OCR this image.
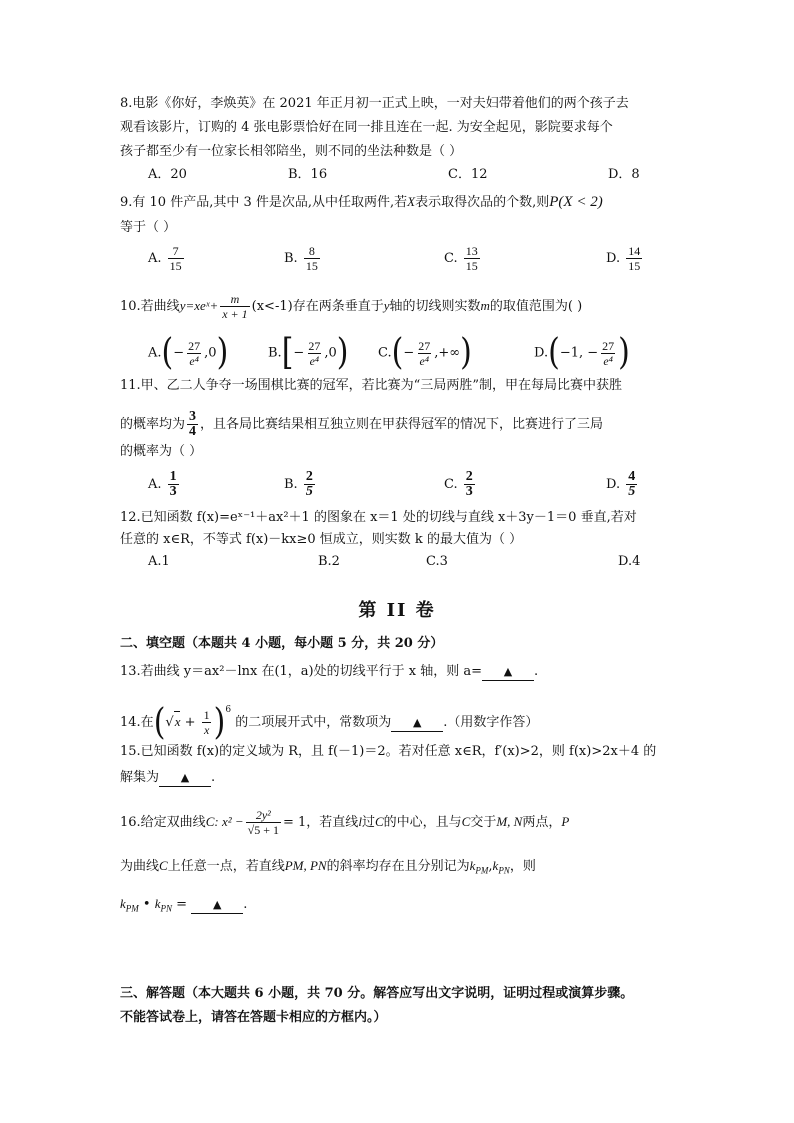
8.电影《你好，李焕英》在 2021 年正月初一正式上映，一对夫妇带着他们的两个孩子去
观看该影片，订购的 4 张电影票恰好在同一排且连在一起. 为安全起见，影院要求每个
孩子都至少有一位家长相邻陪坐，则不同的坐法种数是（ ）
A．20	B．16	C．12	D．8
9.有 10 件产品,其中 3 件是次品,从中任取两件,若X表示取得次品的个数,则P(X < 2)
等于（ ）
A. $\frac{7}{15}$	B. $\frac{8}{15}$	C. $\frac{13}{15}$	D. $\frac{14}{15}$
10.若曲线y=xeˣ+ $\frac{m}{x + 1} (x<-1)$存在两条垂直于y轴的切线则实数m的取值范围为( )
$A.(- \frac{27}{\text{e⁴}} ,0)$	$B.[- \frac{27}{\text{e⁴}} ,0)$ $C.(- \frac{27}{\text{e⁴}}$ ,+∞)	D.(−1, − $\frac{27}{\text{e⁴}}$ )
11.甲、乙二人争夺一场围棋比赛的冠军，若比赛为“三局两胜”制，甲在每局比赛中获胜
的概率均为 $\frac{3}{4}$ ，且各局比赛结果相互独立则在甲获得冠军的情况下，比赛进行了三局
的概率为（ ）
A. $\frac{1}{3}$	B. $\frac{2}{5}$	C. $\frac{2}{3}$	D. $\frac{4}{5}$
12.已知函数 f(x)=eˣ⁻¹＋ax²＋1 的图象在 x＝1 处的切线与直线 x＋3y－1＝0 垂直,若对
任意的 x∈R，不等式 f(x)－kx≥0 恒成立，则实数 k 的最大值为（ ）
A.1	B.2	C.3	D.4
第 II 卷
二、填空题（本题共 4 小题，每小题 5 分，共 20 分）
13.若曲线 y＝ax²－lnx 在(1，a)处的切线平行于 x 轴，则 a= ▲ .
14.在$(√x + \frac{1}{x} )^6$ 的二项展开式中，常数项为 ▲ .（用数字作答）
15.已知函数 f(x)的定义域为 R，且 f(－1)＝2。若对任意 x∈R，f′(x)>2，则 f(x)>2x＋4 的
解集为 ▲ .
16.给定双曲线C: $x^2 - \frac{\text{2y²}}{√5 + 1} = 1$，若直线l过C的中心，且与C交于M, N两点，P
为曲线C上任意一点，若直线PM, PN的斜率均存在且分别记为$k_{PM},k_{PN}$，则
$k_{PM}$ • $k_{PN}$ = ▲ .
三、解答题（本大题共 6 小题，共 70 分。解答应写出文字说明，证明过程或演算步骤。
不能答试卷上，请答在答题卡相应的方框内。）
